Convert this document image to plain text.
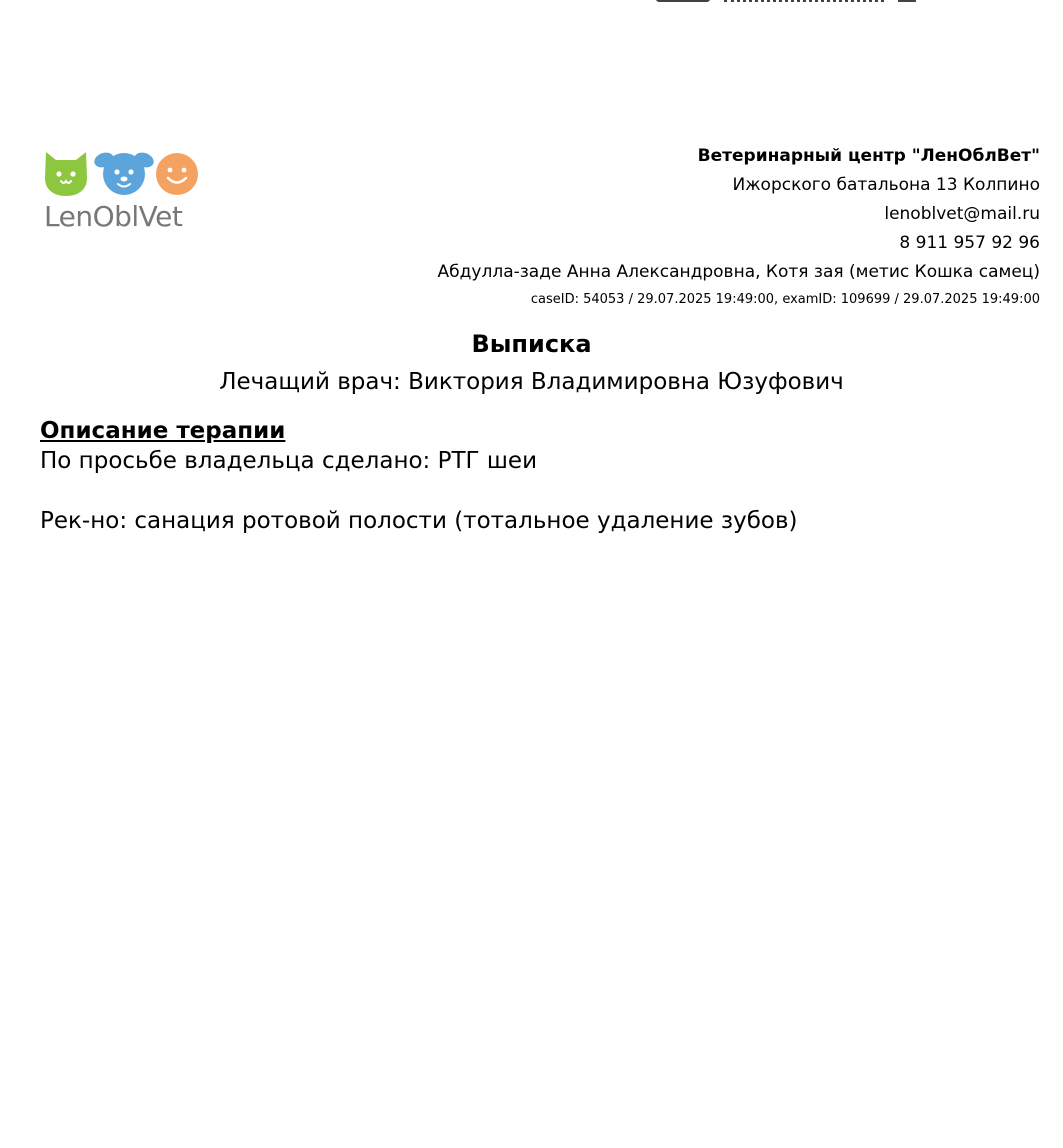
LenOblVet
Ветеринарный центр "ЛенОблВет"
Ижорского батальона 13 Колпино
lenoblvet@mail.ru
8 911 957 92 96
Абдулла-заде Анна Александровна, Котя зая (метис Кошка самец)
caseID: 54053 / 29.07.2025 19:49:00, examID: 109699 / 29.07.2025 19:49:00
Выписка
Лечащий врач: Виктория Владимировна Юзуфович
Описание терапии
По просьбе владельца сделано: РТГ шеи
Рек-но: санация ротовой полости (тотальное удаление зубов)
